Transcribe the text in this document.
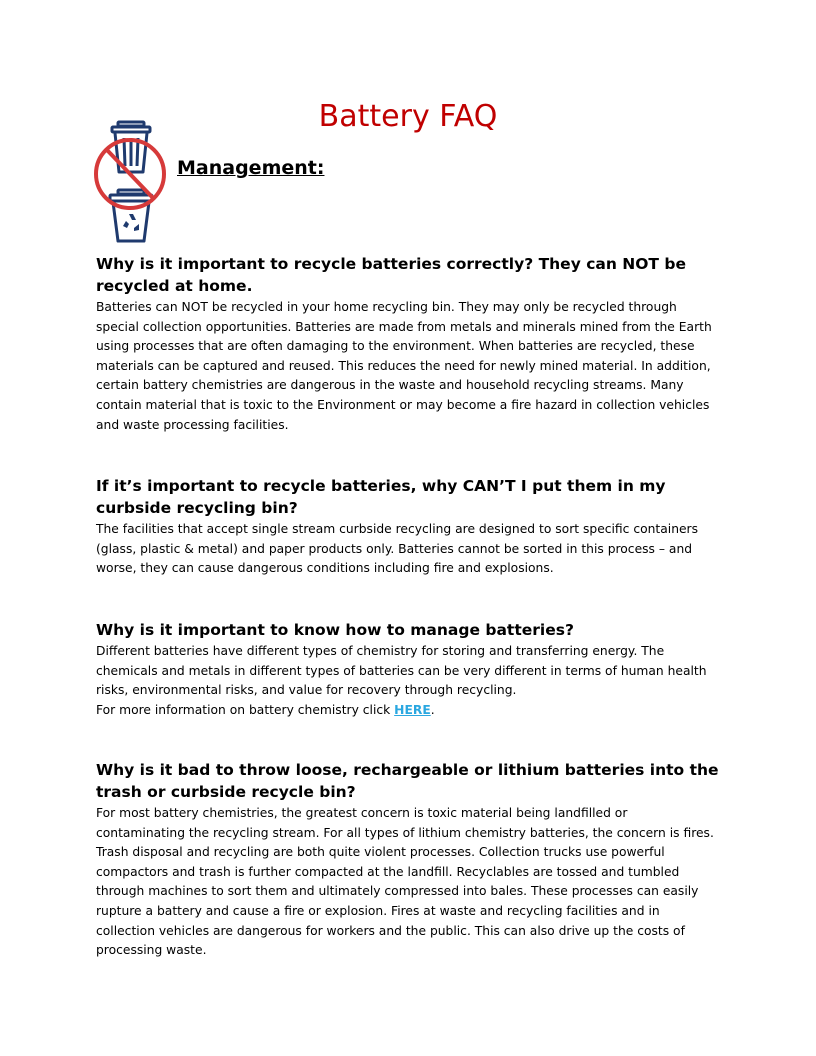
Battery FAQ
Management:

Why is it important to recycle batteries correctly? They can NOT be recycled at home.

Batteries can NOT be recycled in your home recycling bin. They may only be recycled through special collection opportunities. Batteries are made from metals and minerals mined from the Earth using processes that are often damaging to the environment. When batteries are recycled, these materials can be captured and reused. This reduces the need for newly mined material. In addition, certain battery chemistries are dangerous in the waste and household recycling streams. Many contain material that is toxic to the Environment or may become a fire hazard in collection vehicles and waste processing facilities.

If it’s important to recycle batteries, why CAN’T I put them in my curbside recycling bin?

The facilities that accept single stream curbside recycling are designed to sort specific containers (glass, plastic & metal) and paper products only. Batteries cannot be sorted in this process – and worse, they can cause dangerous conditions including fire and explosions.

Why is it important to know how to manage batteries?

Different batteries have different types of chemistry for storing and transferring energy. The chemicals and metals in different types of batteries can be very different in terms of human health risks, environmental risks, and value for recovery through recycling.

For more information on battery chemistry click HERE.

Why is it bad to throw loose, rechargeable or lithium batteries into the trash or curbside recycle bin?

For most battery chemistries, the greatest concern is toxic material being landfilled or contaminating the recycling stream. For all types of lithium chemistry batteries, the concern is fires. Trash disposal and recycling are both quite violent processes. Collection trucks use powerful compactors and trash is further compacted at the landfill. Recyclables are tossed and tumbled through machines to sort them and ultimately compressed into bales. These processes can easily rupture a battery and cause a fire or explosion. Fires at waste and recycling facilities and in collection vehicles are dangerous for workers and the public. This can also drive up the costs of processing waste.
